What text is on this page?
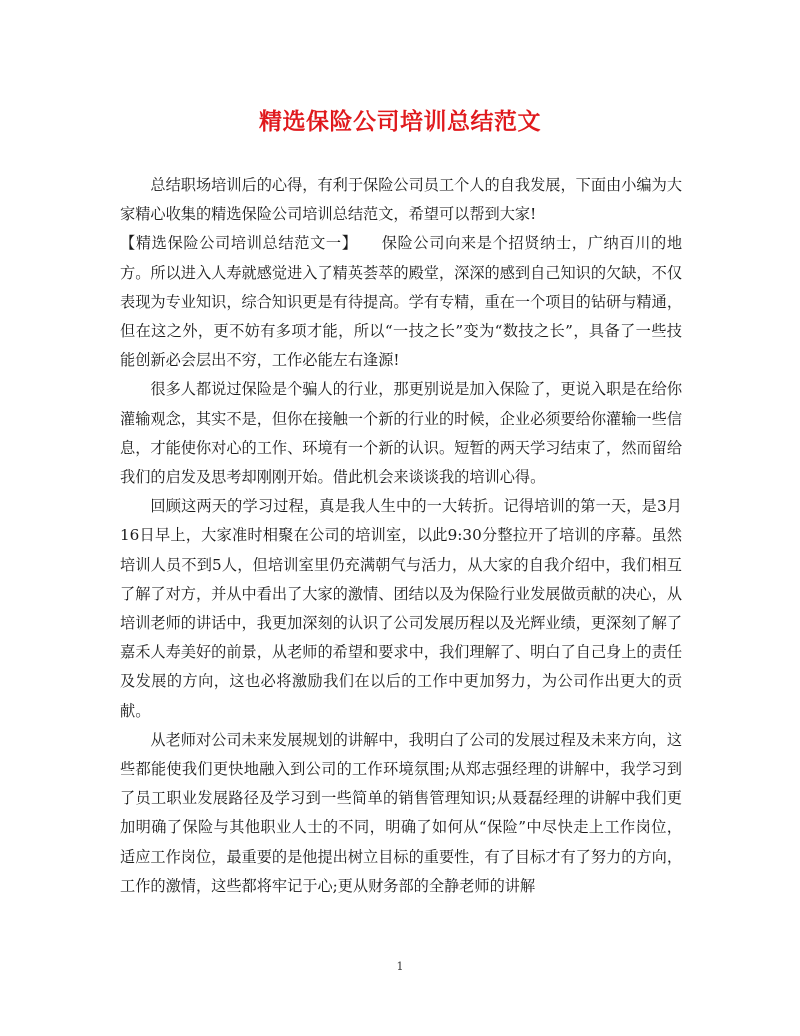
精选保险公司培训总结范文

总结职场培训后的心得，有利于保险公司员工个人的自我发展，下面由小编为大家精心收集的精选保险公司培训总结范文，希望可以帮到大家!

【精选保险公司培训总结范文一】　　 保险公司向来是个招贤纳士，广纳百川的地方。所以进入人寿就感觉进入了精英荟萃的殿堂，深深的感到自己知识的欠缺，不仅表现为专业知识，综合知识更是有待提高。学有专精，重在一个项目的钻研与精通，但在这之外，更不妨有多项才能，所以“一技之长”变为“数技之长”，具备了一些技能创新必会层出不穷，工作必能左右逢源!

很多人都说过保险是个骗人的行业，那更别说是加入保险了，更说入职是在给你灌输观念，其实不是，但你在接触一个新的行业的时候，企业必须要给你灌输一些信息，才能使你对心的工作、环境有一个新的认识。短暂的两天学习结束了，然而留给我们的启发及思考却刚刚开始。借此机会来谈谈我的培训心得。

回顾这两天的学习过程，真是我人生中的一大转折。记得培训的第一天，是3月16日早上，大家准时相聚在公司的培训室，以此9:30分整拉开了培训的序幕。虽然培训人员不到5人，但培训室里仍充满朝气与活力，从大家的自我介绍中，我们相互了解了对方，并从中看出了大家的激情、团结以及为保险行业发展做贡献的决心，从培训老师的讲话中，我更加深刻的认识了公司发展历程以及光辉业绩，更深刻了解了嘉禾人寿美好的前景，从老师的希望和要求中，我们理解了、明白了自己身上的责任及发展的方向，这也必将激励我们在以后的工作中更加努力，为公司作出更大的贡献。

从老师对公司未来发展规划的讲解中，我明白了公司的发展过程及未来方向，这些都能使我们更快地融入到公司的工作环境氛围;从郑志强经理的讲解中，我学习到了员工职业发展路径及学习到一些简单的销售管理知识;从聂磊经理的讲解中我们更加明确了保险与其他职业人士的不同，明确了如何从“保险”中尽快走上工作岗位，适应工作岗位，最重要的是他提出树立目标的重要性，有了目标才有了努力的方向，工作的激情，这些都将牢记于心;更从财务部的全静老师的讲解

1
